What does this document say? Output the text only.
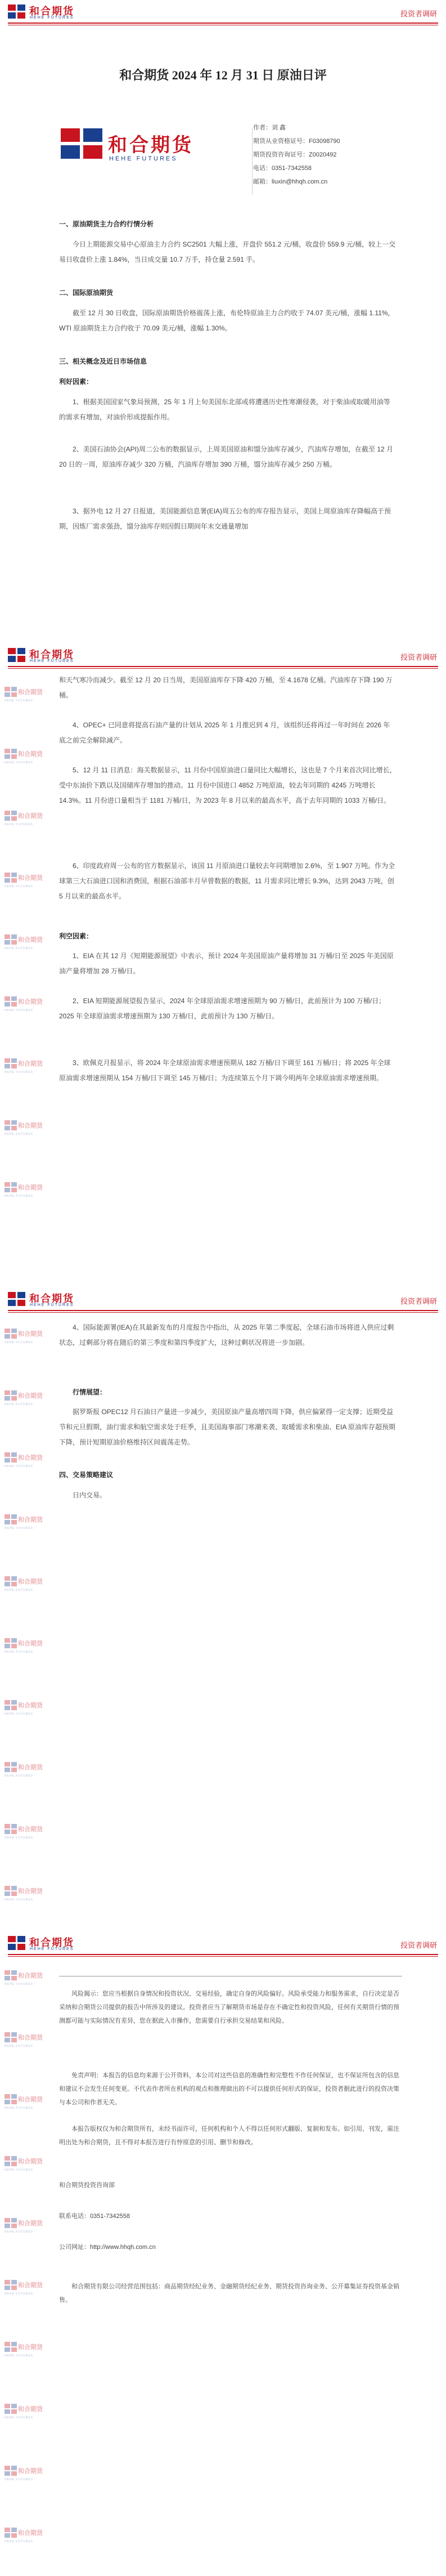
和合期货
HEHE FUTURES	投资者调研
和合期货
HEHE FUTURES	投资者调研
和合期货
HEHE FUTURES	投资者调研
和合期货
HEHE FUTURES	投资者调研
和合期货
HEHE FUTURES
和合期货
HEHE FUTURES
和合期货
HEHE FUTURES
和合期货
HEHE FUTURES
和合期货
HEHE FUTURES
和合期货
HEHE FUTURES
和合期货
HEHE FUTURES
和合期货
HEHE FUTURES
和合期货
HEHE FUTURES
和合期货
HEHE FUTURES
和合期货
HEHE FUTURES
和合期货
HEHE FUTURES
和合期货
HEHE FUTURES
和合期货
HEHE FUTURES
和合期货
HEHE FUTURES
和合期货
HEHE FUTURES
和合期货
HEHE FUTURES
和合期货
HEHE FUTURES
和合期货
HEHE FUTURES
和合期货
HEHE FUTURES
和合期货
HEHE FUTURES
和合期货
HEHE FUTURES
和合期货
HEHE FUTURES
和合期货
HEHE FUTURES
和合期货
HEHE FUTURES
和合期货
HEHE FUTURES
和合期货
HEHE FUTURES
和合期货
HEHE FUTURES
和合期货
HEHE FUTURES
和合期货 2024 年 12 月 31 日 原油日评
和合期货
HEHE FUTURES
作者：刘 鑫
期货从业资格证号：F03098790
期货投资咨询证号：Z0020492
电话：0351-7342558
邮箱：liuxin@hhqh.com.cn
一、原油期货主力合约行情分析

今日上期能源交易中心原油主力合约 SC2501 大幅上涨，开盘价 551.2 元/桶，收盘价 559.9 元/桶，较上一交易日收盘价上涨 1.84%，当日成交量 10.7 万手，持仓量 2.591 手。

二、国际原油期货

截至 12 月 30 日收盘，国际原油期货价格震荡上涨，布伦特原油主力合约收于 74.07 美元/桶，涨幅 1.11%，WTI 原油期货主力合约收于 70.09 美元/桶，涨幅 1.30%。

三、相关概念及近日市场信息
利好因素：

1、根据美国国家气象局预测，25 年 1 月上旬美国东北部或将遭遇历史性寒潮侵袭，对于柴油或取暖用油等的需求有增加，对油价形成提振作用。

2、美国石油协会(API)周二公布的数据显示，上周美国原油和馏分油库存减少，汽油库存增加，在截至 12 月 20 日的一周，原油库存减少 320 万桶，汽油库存增加 390 万桶，馏分油库存减少 250 万桶。

3、据外电 12 月 27 日报道，美国能源信息署(EIA)周五公布的库存报告显示，美国上周原油库存降幅高于预期，因炼厂需求强劲，馏分油库存则因假日期间年末交通量增加

和天气寒冷而减少。截至 12 月 20 日当周，美国原油库存下降 420 万桶，至 4.1678 亿桶。汽油库存下降 190 万桶。

4、OPEC+ 已同意将提高石油产量的计划从 2025 年 1 月推迟到 4 月，该组织还将再过一年时间在 2026 年底之前完全解除减产。

5、12 月 11 日消息：海关数据显示，11 月份中国原油进口量同比大幅增长，这也是 7 个月来首次同比增长，受中东油价下跌以及国储库存增加的推动。11 月份中国进口 4852 万吨原油，较去年同期的 4245 万吨增长 14.3%。11 月份进口量相当于 1181 万桶/日，为 2023 年 8 月以来的最高水平，高于去年同期的 1033 万桶/日。

6、印度政府周一公布的官方数据显示，该国 11 月原油进口量较去年同期增加 2.6%，至 1.907 万吨。作为全球第三大石油进口国和消费国，根据石油部丰月早曾数据的数据，11 月需求同比增长 9.3%，达到 2043 万吨，创 5 月以来的最高水平。

利空因素：

1、EIA 在其 12 月《短期能源展望》中表示，预计 2024 年美国原油产量将增加 31 万桶/日至 2025 年美国原油产量将增加 28 万桶/日。

2、EIA 短期能源展望报告显示，2024 年全球原油需求增速预期为 90 万桶/日，此前预计为 100 万桶/日；2025 年全球原油需求增速预期为 130 万桶/日，此前预计为 130 万桶/日。

3、欧佩克月报显示，将 2024 年全球原油需求增速预期从 182 万桶/日下调至 161 万桶/日；将 2025 年全球原油需求增速预期从 154 万桶/日下调至 145 万桶/日；为连续第五个月下调今明两年全球原油需求增速预期。

4、国际能源署(IEA)在其最新发布的月度报告中指出，从 2025 年第二季度起，全球石油市场将进入供应过剩状态，过剩部分将在随后的第三季度和第四季度扩大，这种过剩状况将进一步加剧。

行情展望：

据罗斯报 OPEC12 月石油日产量进一步减少，美国原油产量高增四周下降，供应偏紧得一定支撑；近期受益节和元旦假期，油行需求和航空需求处于旺季，且美国海事部门寒潮来袭、取暖需求和柴油、EIA 原油库存超预期下降，预计短期原油价格维持区间震荡走势。

四、交易策略建议

日内交易。

风险揭示：您应当根据自身情况和投资状况、交易经验，确定自身的风险偏好。风险承受能力和服务需求，自行决定是否采纳和合期货公司提供的报告中所涉及的建议。投资者应当了解期货市场是存在不确定性和投资风险，任何有关期货行情的预测都可能与实际情况有差异，您在据此入市操作，您需要自行承担交易结果和风险。

免责声明：本报告的信息均来源于公开资料，本公司对这些信息的准确性和完整性不作任何保证，也不保证所包含的信息和建议不会发生任何变更。不代表作者所在机构的观点和推理做出的不可以提供任何形式的保证，投资者据此进行的投资决策与本公司和作者无关。

本报告版权仅为和合期货所有，未经书面许可，任何机构和个人不得以任何形式翻版、复制和发布。如引用、刊发，需注明出处为和合期货，且不得对本报告进行有悖原意的引用、删节和修改。

和合期货投资咨询部
联系电话：0351-7342558
公司网址：http://www.hhqh.com.cn

和合期货有限公司经营范围包括：商品期货经纪业务、金融期货经纪业务、期货投资咨询业务、公开募集证券投资基金销售。
